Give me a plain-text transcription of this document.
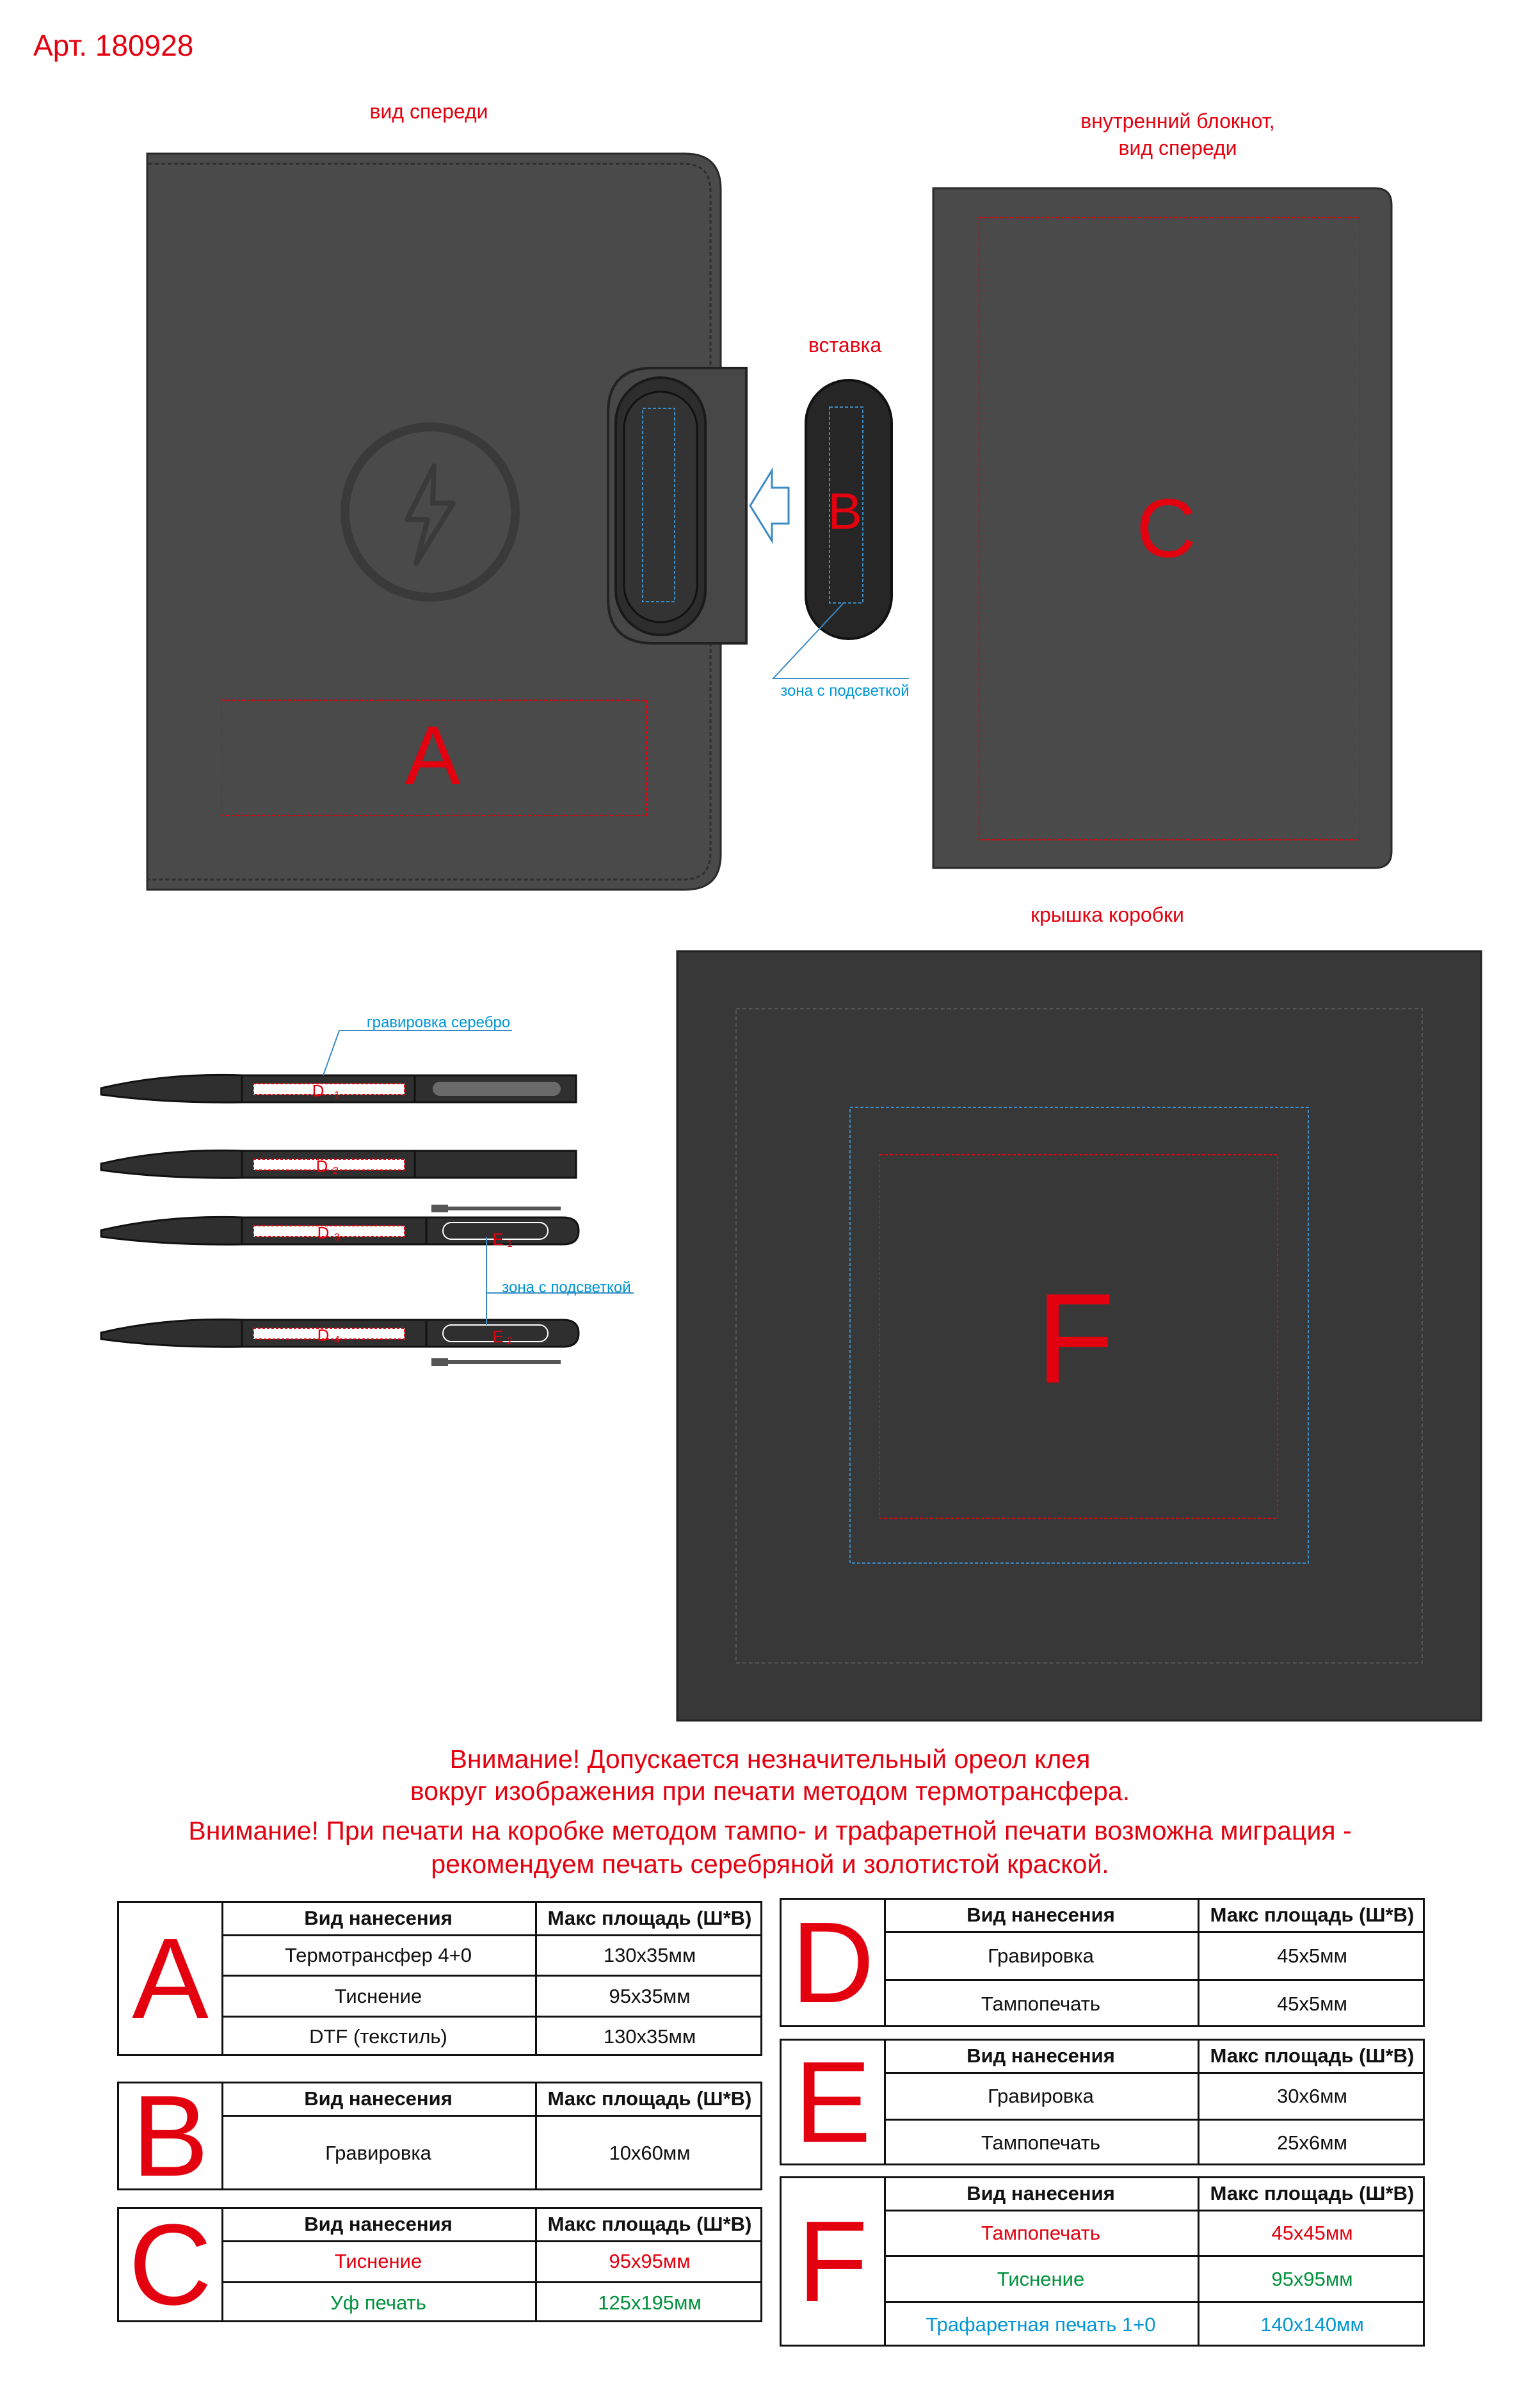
Арт. 180928
вид спереди	внутренний блокнот,
вид спереди
вставка
зона с подсветкой
крышка коробки
гравировка серебро
зона с подсветкой
A
B	C
F
D 1
D 2
D 3	E 1
D 4	E 2
Внимание! Допускается незначительный ореол клея
вокруг изображения при печати методом термотрансфера.
Внимание! При печати на коробке методом тампо- и трафаретной печати возможна миграция -
рекомендуем печать серебряной и золотистой краской.
A	Вид нанесения	Макс площадь (Ш*В)
Термотрансфер 4+0	130x35мм
Тиснение	95x35мм
DTF (текстиль)	130x35мм
B	Вид нанесения	Макс площадь (Ш*В)
Гравировка	10x60мм
C	Вид нанесения	Макс площадь (Ш*В)
Тиснение	95x95мм
Уф печать	125x195мм
D	Вид нанесения	Макс площадь (Ш*В)
Гравировка	45x5мм
Тампопечать	45x5мм
E	Вид нанесения	Макс площадь (Ш*В)
Гравировка	30x6мм
Тампопечать	25x6мм
F
Вид нанесения	Макс площадь (Ш*В)
Тампопечать	45x45мм
Тиснение	95x95мм
Трафаретная печать 1+0	140x140мм
